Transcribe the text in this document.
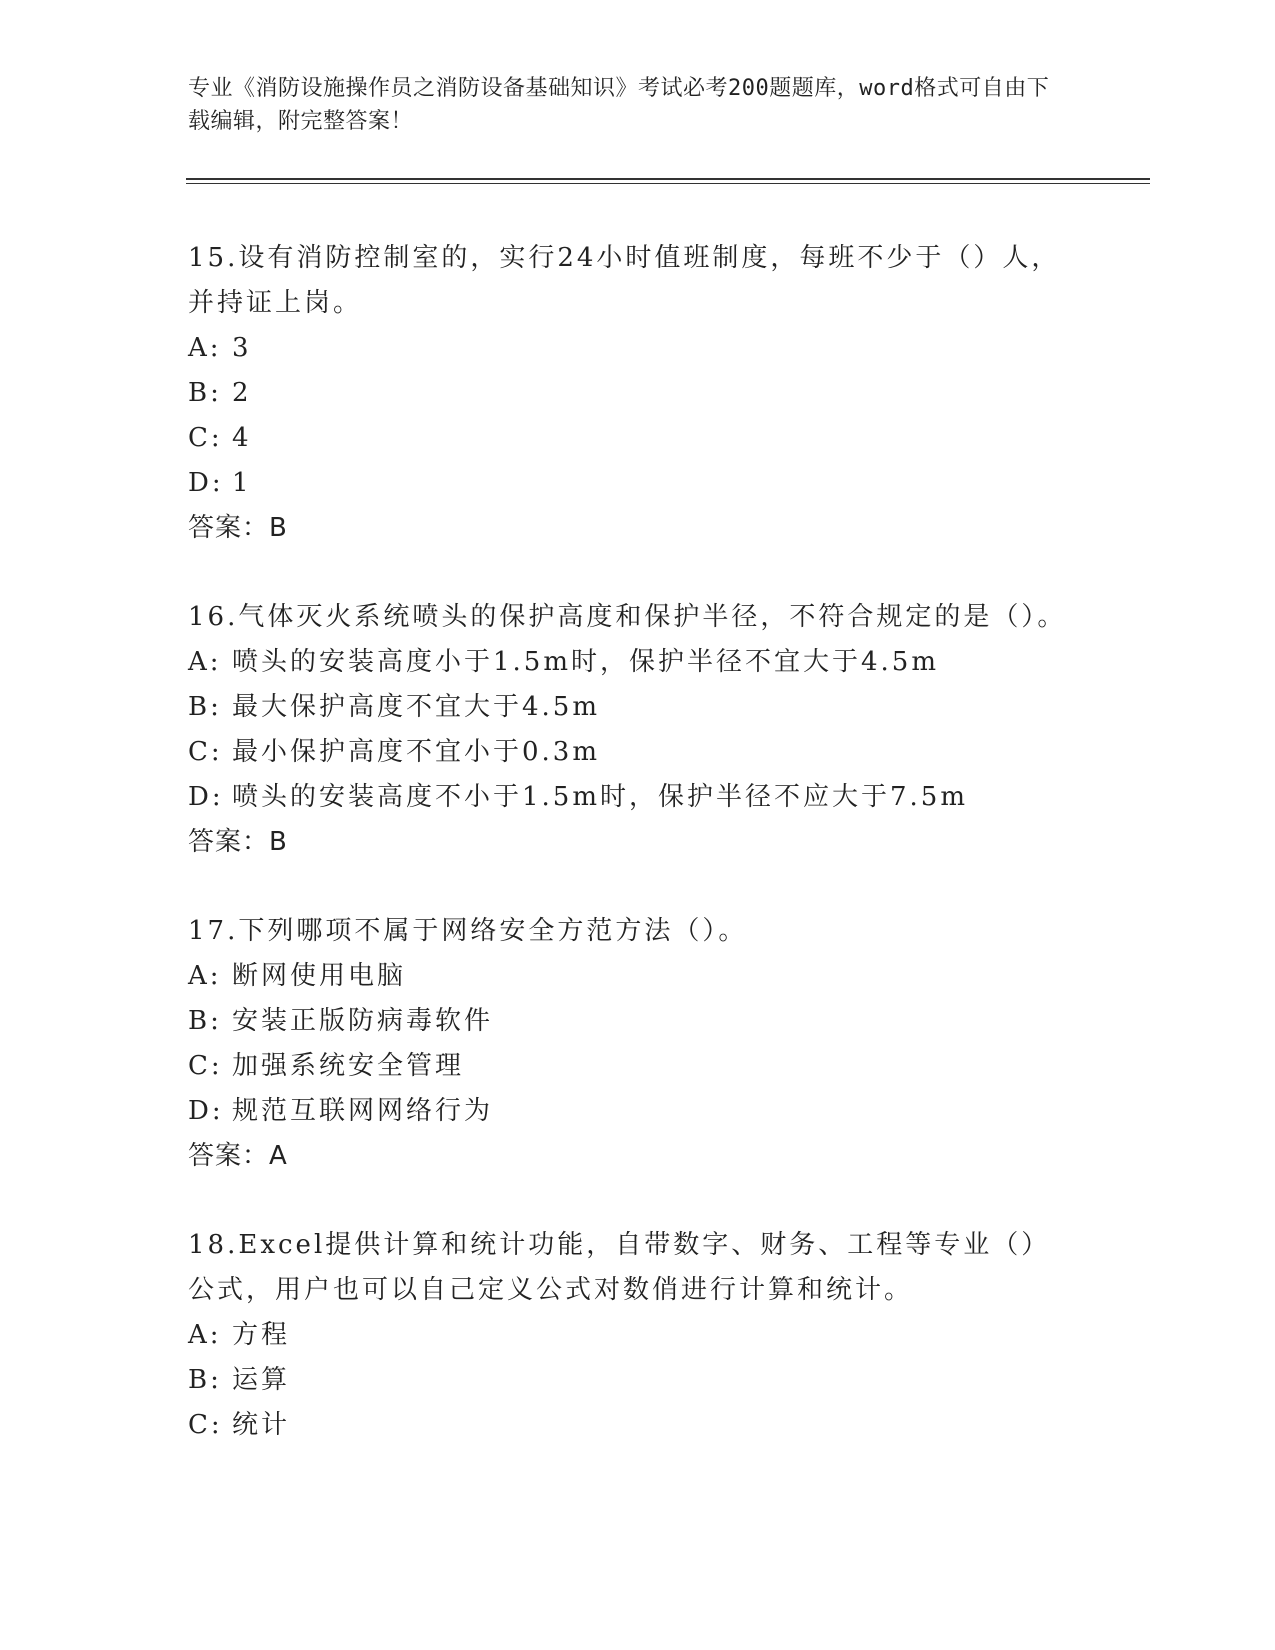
专业《消防设施操作员之消防设备基础知识》考试必考200题题库，word格式可自由下载编辑，附完整答案！
15.设有消防控制室的，实行24小时值班制度，每班不少于（）人，并持证上岗。
A: 3
B: 2
C: 4
D: 1
答案：B
16.气体灭火系统喷头的保护高度和保护半径，不符合规定的是（）。
A: 喷头的安装高度小于1.5m时，保护半径不宜大于4.5m
B: 最大保护高度不宜大于4.5m
C: 最小保护高度不宜小于0.3m
D: 喷头的安装高度不小于1.5m时，保护半径不应大于7.5m
答案：B
17.下列哪项不属于网络安全方范方法（）。
A: 断网使用电脑
B: 安装正版防病毒软件
C: 加强系统安全管理
D: 规范互联网网络行为
答案：A
18.Excel提供计算和统计功能，自带数字、财务、工程等专业（）公式，用户也可以自己定义公式对数俏进行计算和统计。
A: 方程
B: 运算
C: 统计
